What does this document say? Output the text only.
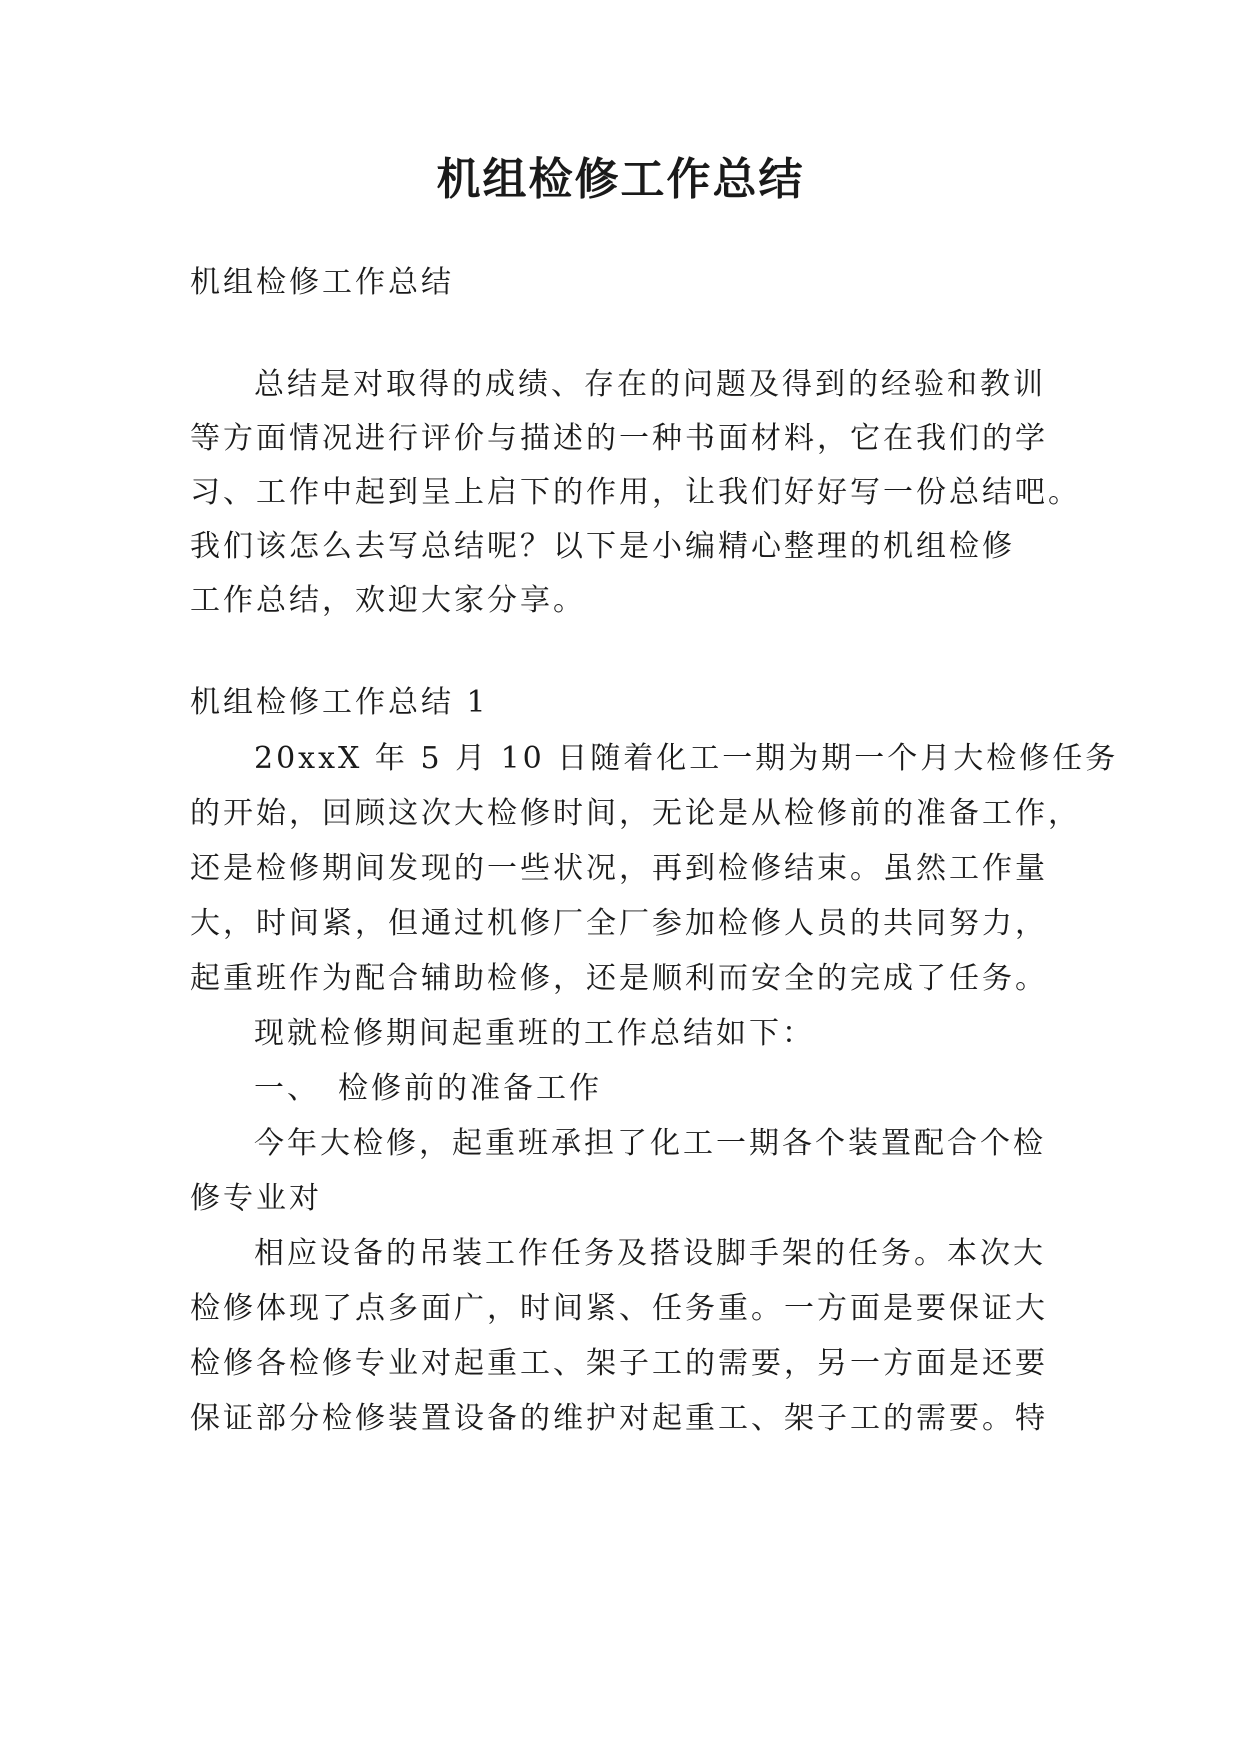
机组检修工作总结
机组检修工作总结
总结是对取得的成绩、存在的问题及得到的经验和教训
等方面情况进行评价与描述的一种书面材料，它在我们的学
习、工作中起到呈上启下的作用，让我们好好写一份总结吧。
我们该怎么去写总结呢？以下是小编精心整理的机组检修
工作总结，欢迎大家分享。
机组检修工作总结 1
20xxX 年 5 月 10 日随着化工一期为期一个月大检修任务
的开始，回顾这次大检修时间，无论是从检修前的准备工作，
还是检修期间发现的一些状况，再到检修结束。虽然工作量
大，时间紧，但通过机修厂全厂参加检修人员的共同努力，
起重班作为配合辅助检修，还是顺利而安全的完成了任务。
现就检修期间起重班的工作总结如下：
一、 检修前的准备工作
今年大检修，起重班承担了化工一期各个装置配合个检
修专业对
相应设备的吊装工作任务及搭设脚手架的任务。本次大
检修体现了点多面广，时间紧、任务重。一方面是要保证大
检修各检修专业对起重工、架子工的需要，另一方面是还要
保证部分检修装置设备的维护对起重工、架子工的需要。特
